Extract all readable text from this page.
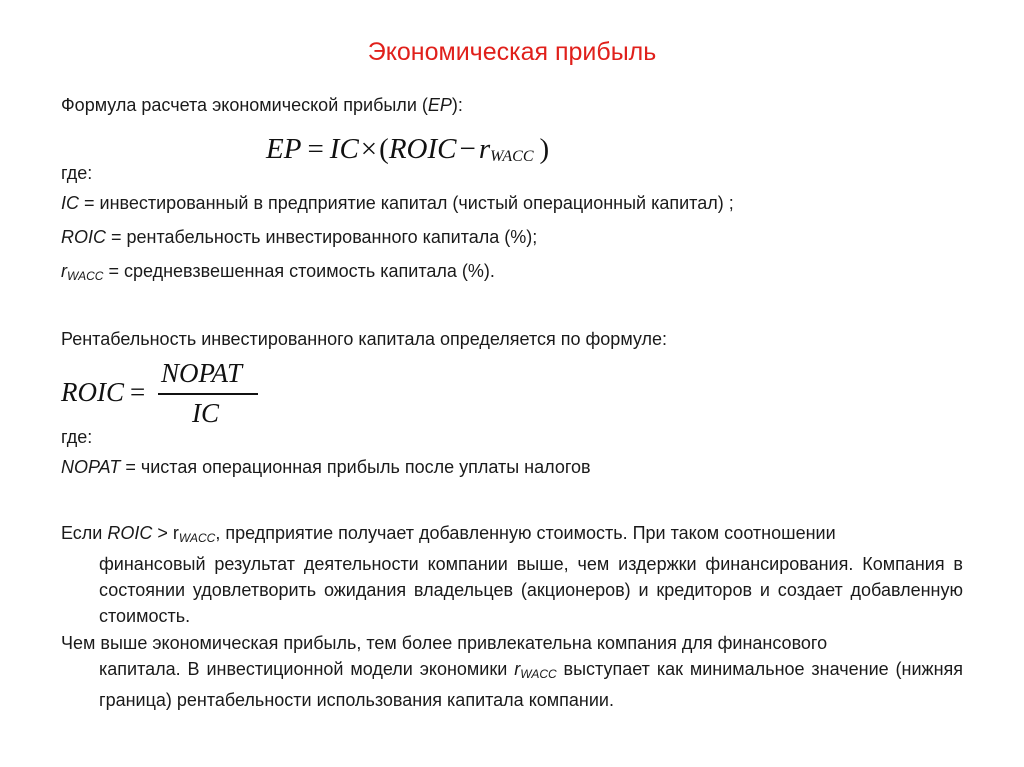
Экономическая прибыль
Формула расчета экономической прибыли (EP):
EP = IC×(ROIC − rWACC )
где:
IC = инвестированный в предприятие капитал (чистый операционный капитал) ;
ROIC = рентабельность инвестированного капитала (%);
rWACC = средневзвешенная стоимость капитала (%).
Рентабельность инвестированного капитала определяется по формуле:
ROIC =
NOPAT
IC
где:
NOPAT = чистая операционная прибыль после уплаты налогов
Если ROIC > rWACC, предприятие получает добавленную стоимость. При таком соотношении
финансовый результат деятельности компании выше, чем издержки финансирования. Компания в состоянии удовлетворить ожидания владельцев (акционеров) и кредиторов и создает добавленную стоимость.
Чем выше экономическая прибыль, тем более привлекательна компания для финансового
капитала. В инвестиционной модели экономики rWACC выступает как минимальное значение (нижняя граница) рентабельности использования капитала компании.
